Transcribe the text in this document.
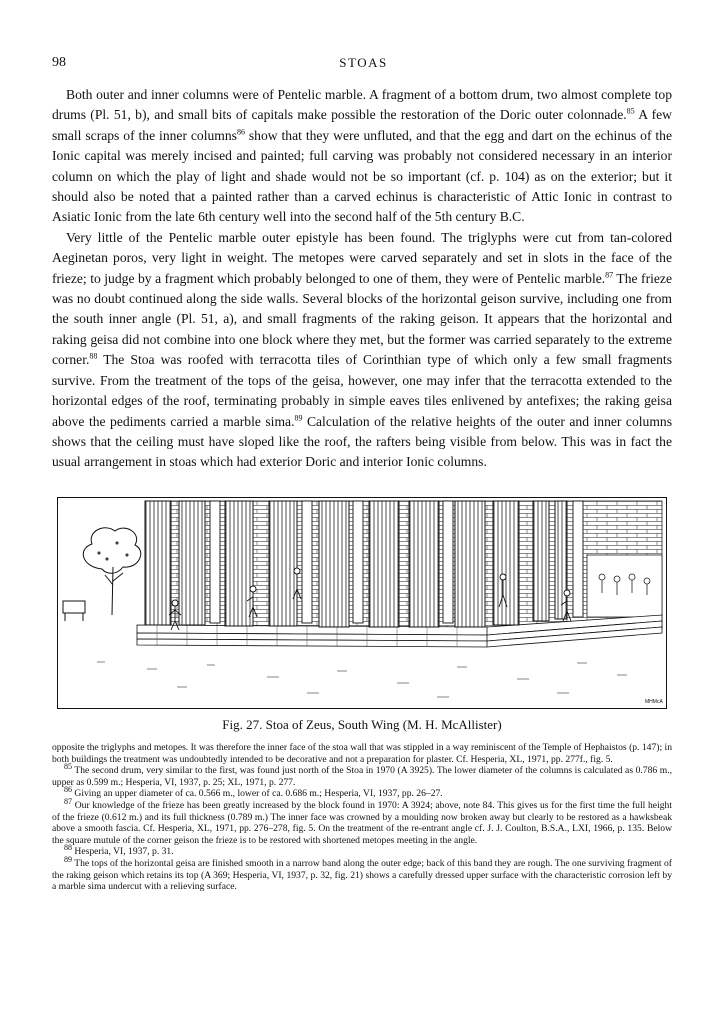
98	STOAS

Both outer and inner columns were of Pentelic marble. A fragment of a bottom drum, two almost complete top drums (Pl. 51, b), and small bits of capitals make possible the restoration of the Doric outer colonnade.$^{85}$ A few small scraps of the inner columns$^{86}$ show that they were unfluted, and that the egg and dart on the echinus of the Ionic capital was merely incised and painted; full carving was probably not considered necessary in an interior column on which the play of light and shade would not be so important (cf. p. 104) as on the exterior; but it should also be noted that a painted rather than a carved echinus is characteristic of Attic Ionic in contrast to Asiatic Ionic from the late 6th century well into the second half of the 5th century B.C.

Very little of the Pentelic marble outer epistyle has been found. The triglyphs were cut from tan-colored Aeginetan poros, very light in weight. The metopes were carved separately and set in slots in the face of the frieze; to judge by a fragment which probably belonged to one of them, they were of Pentelic marble.$^{87}$ The frieze was no doubt continued along the side walls. Several blocks of the horizontal geison survive, including one from the south inner angle (Pl. 51, a), and small fragments of the raking geison. It appears that the horizontal and raking geisa did not combine into one block where they met, but the former was carried separately to the extreme corner.$^{88}$ The Stoa was roofed with terracotta tiles of Corinthian type of which only a few small fragments survive. From the treatment of the tops of the geisa, however, one may infer that the terracotta extended to the horizontal edges of the roof, terminating probably in simple eaves tiles enlivened by antefixes; the raking geisa above the pediments carried a marble sima.$^{89}$ Calculation of the relative heights of the outer and inner columns shows that the ceiling must have sloped like the roof, the rafters being visible from below. This was in fact the usual arrangement in stoas which had exterior Doric and interior Ionic columns.

MHMcA
Fig. 27. Stoa of Zeus, South Wing (M. H. McAllister)

opposite the triglyphs and metopes. It was therefore the inner face of the stoa wall that was stippled in a way reminiscent of the Temple of Hephaistos (p. 147); in both buildings the treatment was undoubtedly intended to be decorative and not a preparation for plaster. Cf. Hesperia, XL, 1971, pp. 277f., fig. 5.

$^{85}$ The second drum, very similar to the first, was found just north of the Stoa in 1970 (A 3925). The lower diameter of the columns is calculated as 0.786 m., upper as 0.599 m.; Hesperia, VI, 1937, p. 25; XL, 1971, p. 277.

$^{86}$ Giving an upper diameter of ca. 0.566 m., lower of ca. 0.686 m.; Hesperia, VI, 1937, pp. 26–27.

$^{87}$ Our knowledge of the frieze has been greatly increased by the block found in 1970: A 3924; above, note 84. This gives us for the first time the full height of the frieze (0.612 m.) and its full thickness (0.789 m.) The inner face was crowned by a moulding now broken away but clearly to be restored as a hawksbeak above a smooth fascia. Cf. Hesperia, XL, 1971, pp. 276–278, fig. 5. On the treatment of the re-entrant angle cf. J. J. Coulton, B.S.A., LXI, 1966, p. 135. Below the square mutule of the corner geison the frieze is to be restored with shortened metopes meeting in the angle.

$^{88}$ Hesperia, VI, 1937, p. 31.

$^{89}$ The tops of the horizontal geisa are finished smooth in a narrow band along the outer edge; back of this band they are rough. The one surviving fragment of the raking geison which retains its top (A 369; Hesperia, VI, 1937, p. 32, fig. 21) shows a carefully dressed upper surface with the characteristic corrosion left by a marble sima undercut with a relieving surface.
